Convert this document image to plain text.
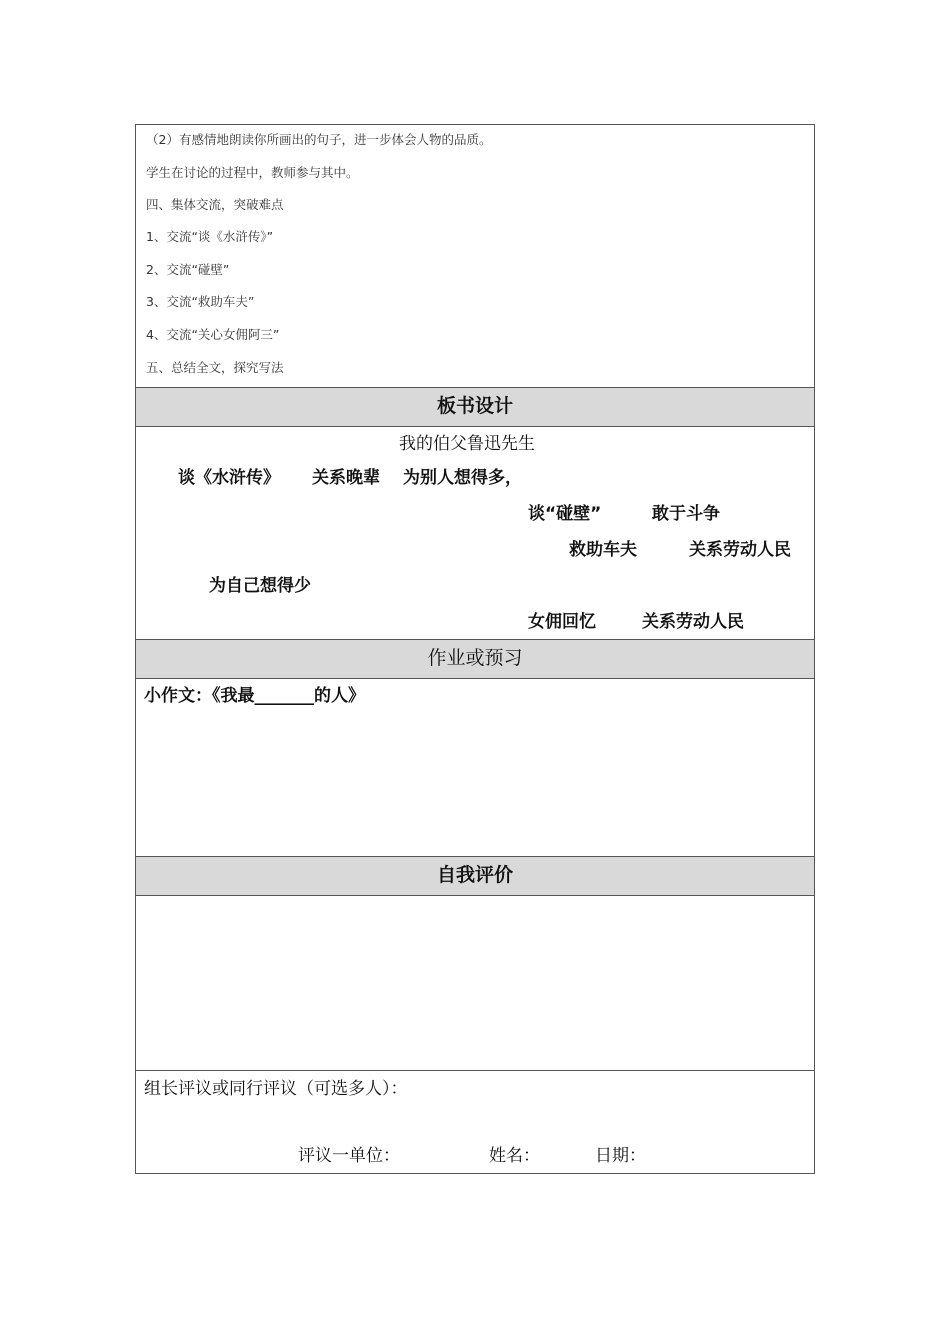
（2）有感情地朗读你所画出的句子，进一步体会人物的品质。
学生在讨论的过程中，教师参与其中。
四、集体交流，突破难点
1、交流“谈《水浒传》”
2、交流“碰壁”
3、交流“救助车夫”
4、交流“关心女佣阿三”
五、总结全文，探究写法
板书设计
我的伯父鲁迅先生
谈《水浒传》 关系晚辈 为别人想得多，
谈“碰壁”	敢于斗争
救助车夫	关系劳动人民
为自己想得少
女佣回忆	关系劳动人民
作业或预习
小作文：《我最_______的人》
自我评价
组长评议或同行评议（可选多人）：
评议一单位：	姓名：	日期：
